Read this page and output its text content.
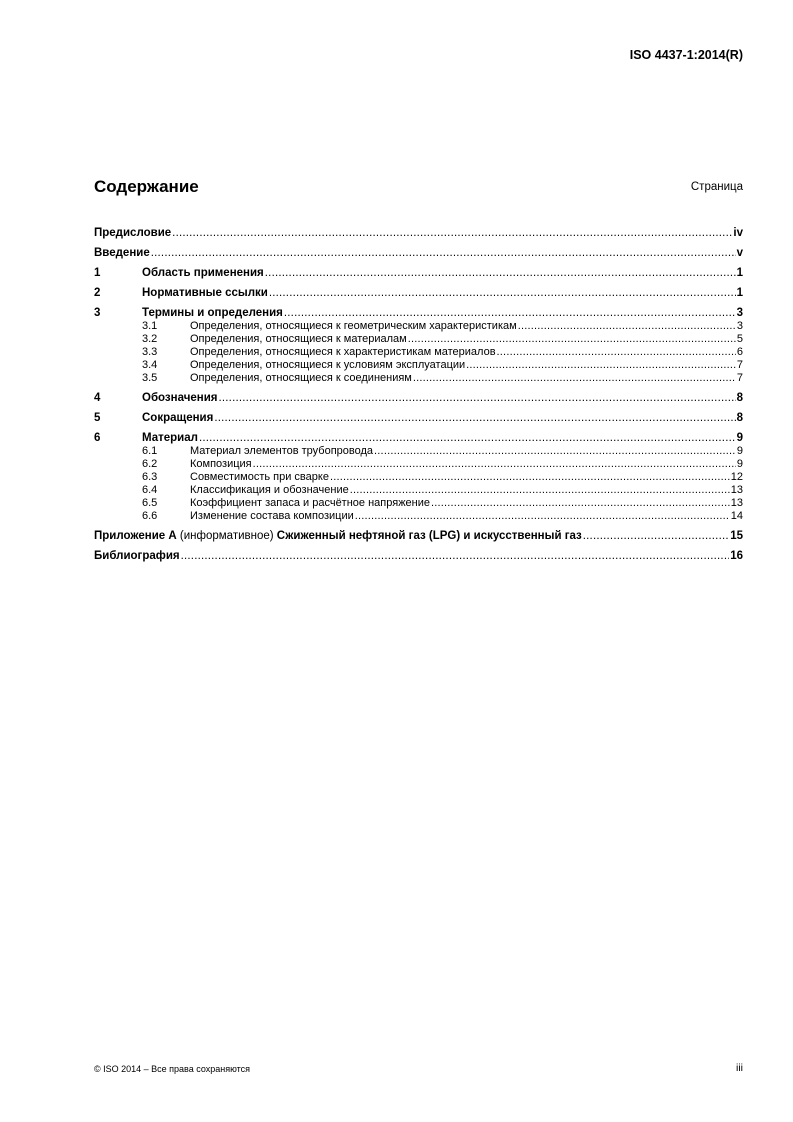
ISO 4437-1:2014(R)
Содержание	Страница
Предисловие .....	iv
Введение .....	v
1	Область применения .....	1
2	Нормативные ссылки .....	1
3	Термины и определения .....	3
3.1	Определения, относящиеся к геометрическим характеристикам .....	3
3.2	Определения, относящиеся к материалам .....	5
3.3	Определения, относящиеся к характеристикам материалов .....	6
3.4	Определения, относящиеся к условиям эксплуатации .....	7
3.5	Определения, относящиеся к соединениям .....	7
4	Обозначения .....	8
5	Сокращения .....	8
6	Материал .....	9
6.1	Материал элементов трубопровода .....	9
6.2	Композиция .....	9
6.3	Совместимость при сварке .....	12
6.4	Классификация и обозначение .....	13
6.5	Коэффициент запаса и расчётное напряжение .....	13
6.6	Изменение состава композиции .....	14
Приложение А (информативное) Сжиженный нефтяной газ (LPG) и искусственный газ .....	15
Библиография .....	16
© ISO 2014 – Все права сохраняются	iii
